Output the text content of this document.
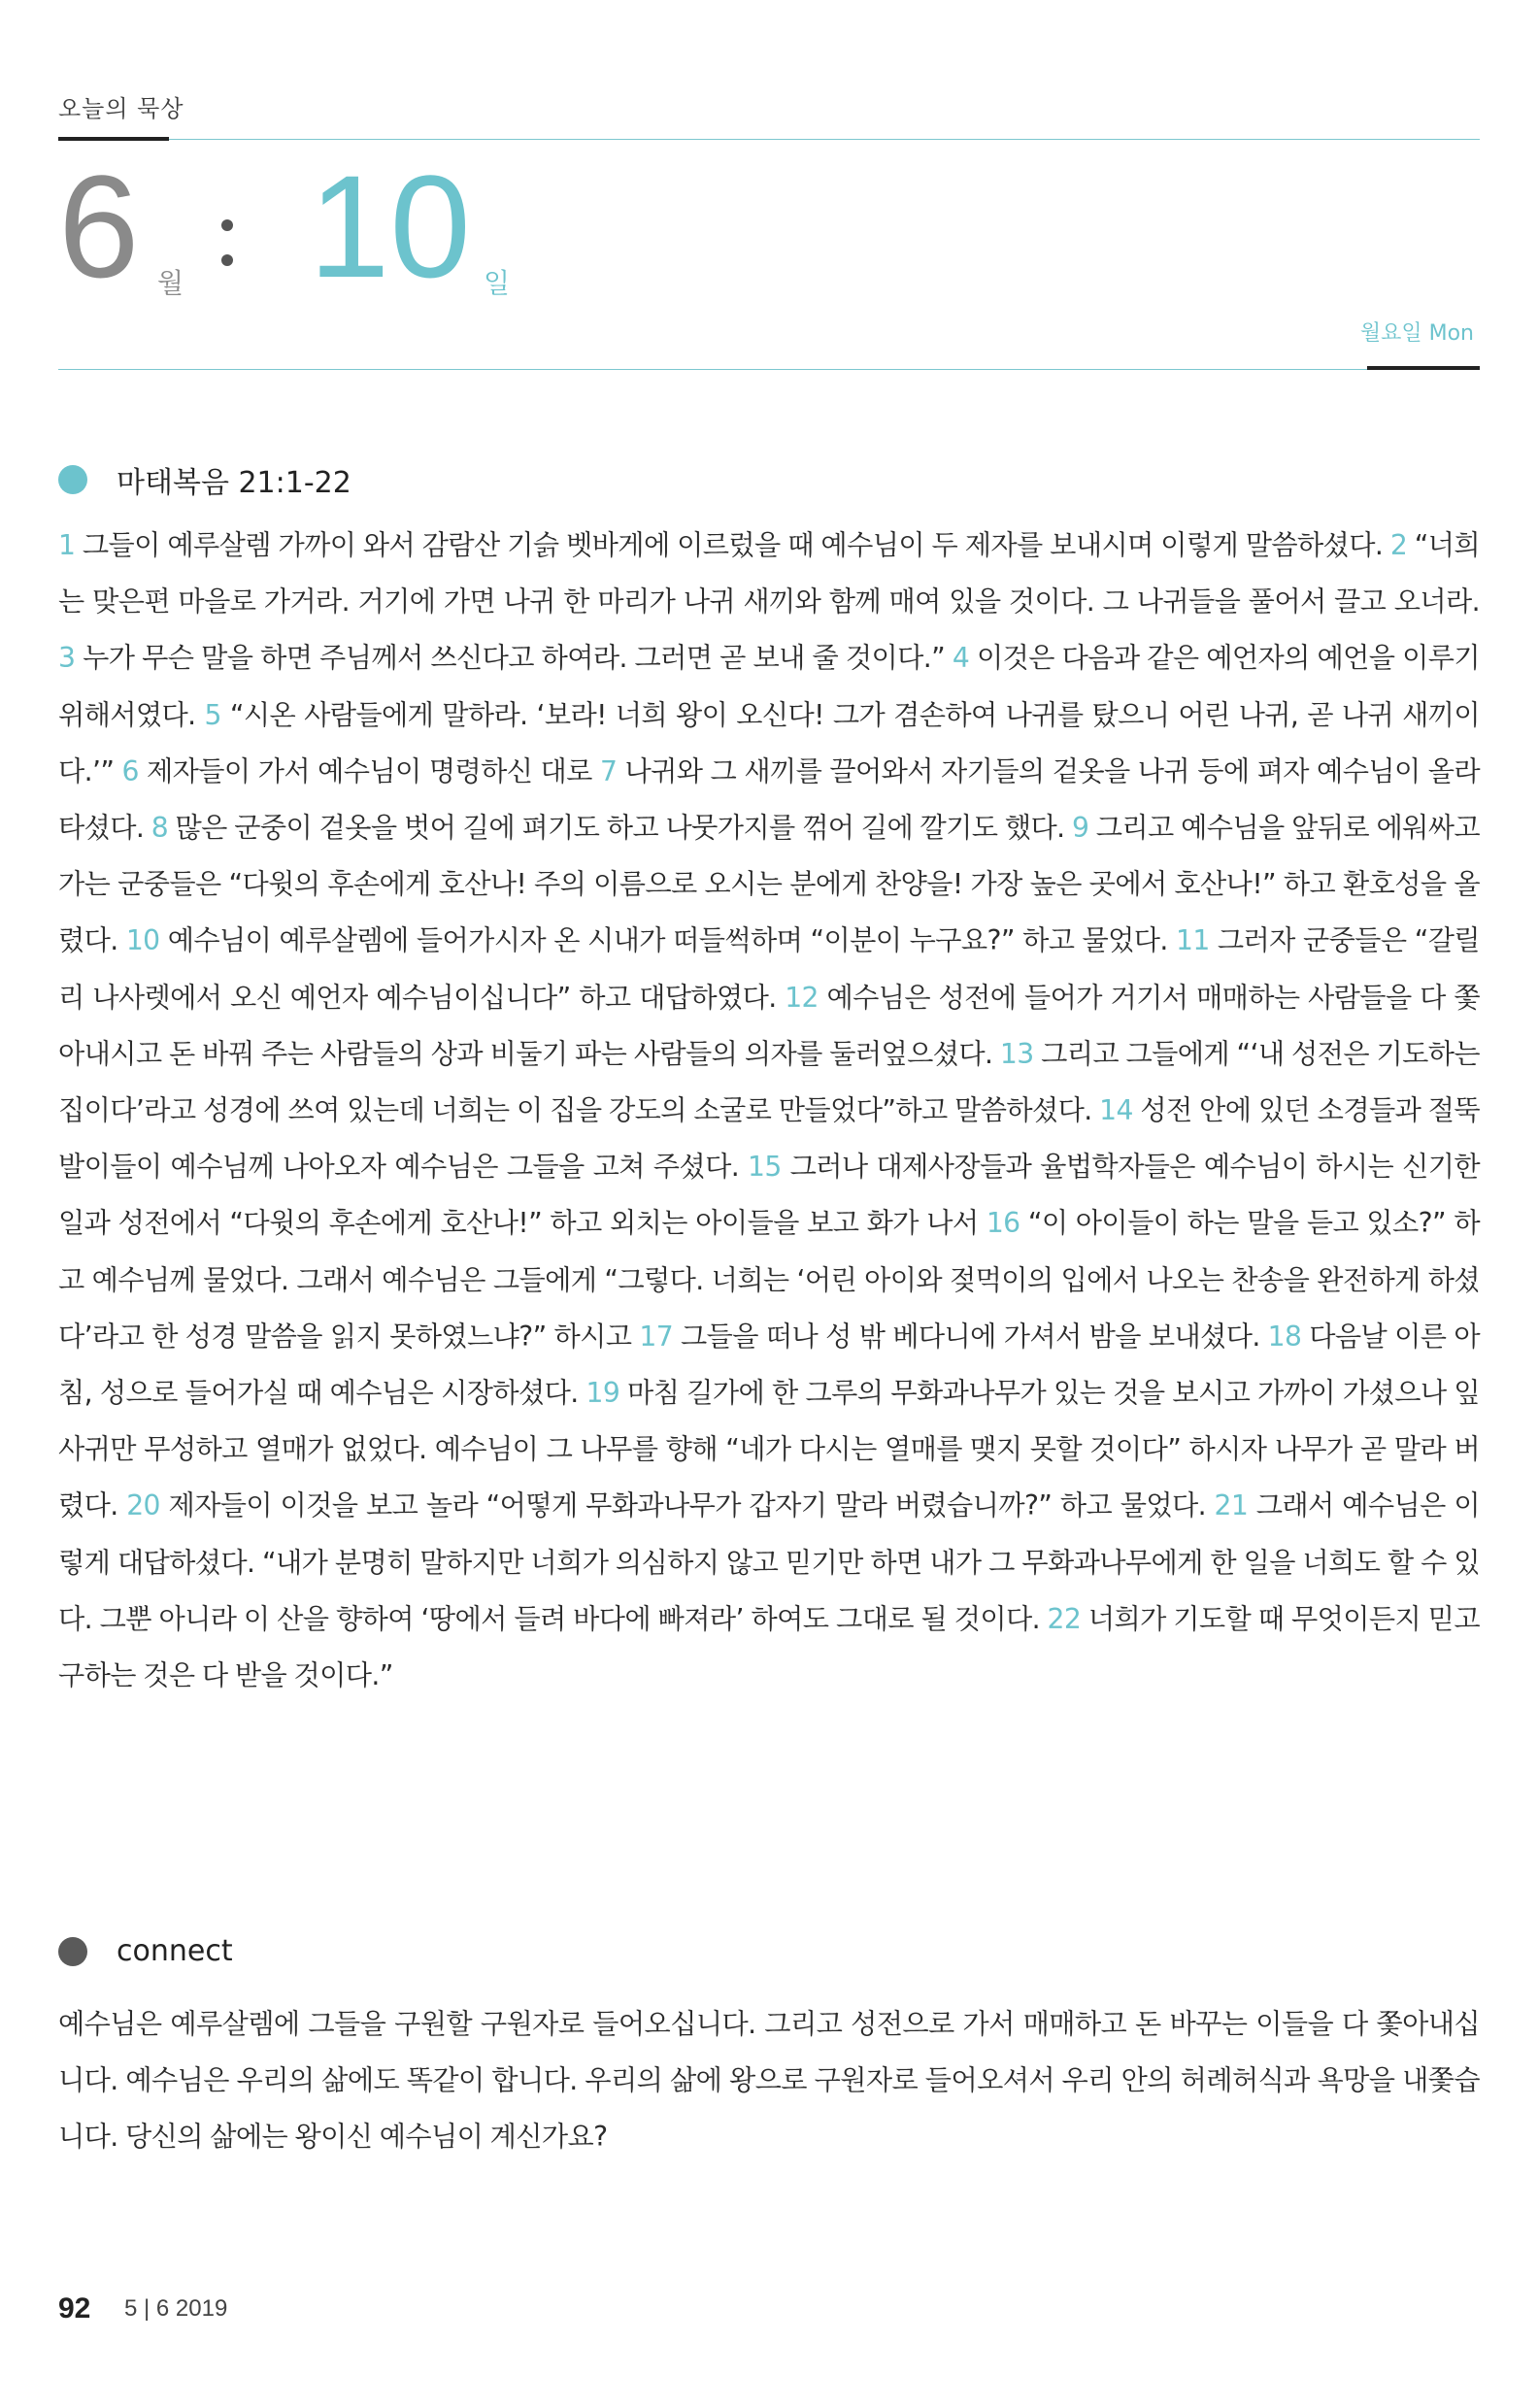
오늘의 묵상
6 월 10 일
월요일 Mon
마태복음 21:1-22
1 그들이 예루살렘 가까이 와서 감람산 기슭 벳바게에 이르렀을 때 예수님이 두 제자를 보내시며 이렇게 말씀하셨다. 2 “너희는 맞은편 마을로 가거라. 거기에 가면 나귀 한 마리가 나귀 새끼와 함께 매여 있을 것이다. 그 나귀들을 풀어서 끌고 오너라. 3 누가 무슨 말을 하면 주님께서 쓰신다고 하여라. 그러면 곧 보내 줄 것이다.” 4 이것은 다음과 같은 예언자의 예언을 이루기 위해서였다. 5 “시온 사람들에게 말하라. ‘보라! 너희 왕이 오신다! 그가 겸손하여 나귀를 탔으니 어린 나귀, 곧 나귀 새끼이다.’” 6 제자들이 가서 예수님이 명령하신 대로 7 나귀와 그 새끼를 끌어와서 자기들의 겉옷을 나귀 등에 펴자 예수님이 올라타셨다. 8 많은 군중이 겉옷을 벗어 길에 펴기도 하고 나뭇가지를 꺾어 길에 깔기도 했다. 9 그리고 예수님을 앞뒤로 에워싸고 가는 군중들은 “다윗의 후손에게 호산나! 주의 이름으로 오시는 분에게 찬양을! 가장 높은 곳에서 호산나!” 하고 환호성을 올렸다. 10 예수님이 예루살렘에 들어가시자 온 시내가 떠들썩하며 “이분이 누구요?” 하고 물었다. 11 그러자 군중들은 “갈릴리 나사렛에서 오신 예언자 예수님이십니다” 하고 대답하였다. 12 예수님은 성전에 들어가 거기서 매매하는 사람들을 다 쫓아내시고 돈 바꿔 주는 사람들의 상과 비둘기 파는 사람들의 의자를 둘러엎으셨다. 13 그리고 그들에게 “‘내 성전은 기도하는 집이다’라고 성경에 쓰여 있는데 너희는 이 집을 강도의 소굴로 만들었다”하고 말씀하셨다. 14 성전 안에 있던 소경들과 절뚝발이들이 예수님께 나아오자 예수님은 그들을 고쳐 주셨다. 15 그러나 대제사장들과 율법학자들은 예수님이 하시는 신기한 일과 성전에서 “다윗의 후손에게 호산나!” 하고 외치는 아이들을 보고 화가 나서 16 “이 아이들이 하는 말을 듣고 있소?” 하고 예수님께 물었다. 그래서 예수님은 그들에게 “그렇다. 너희는 ‘어린 아이와 젖먹이의 입에서 나오는 찬송을 완전하게 하셨다’라고 한 성경 말씀을 읽지 못하였느냐?” 하시고 17 그들을 떠나 성 밖 베다니에 가셔서 밤을 보내셨다. 18 다음날 이른 아침, 성으로 들어가실 때 예수님은 시장하셨다. 19 마침 길가에 한 그루의 무화과나무가 있는 것을 보시고 가까이 가셨으나 잎사귀만 무성하고 열매가 없었다. 예수님이 그 나무를 향해 “네가 다시는 열매를 맺지 못할 것이다” 하시자 나무가 곧 말라 버렸다. 20 제자들이 이것을 보고 놀라 “어떻게 무화과나무가 갑자기 말라 버렸습니까?” 하고 물었다. 21 그래서 예수님은 이렇게 대답하셨다. “내가 분명히 말하지만 너희가 의심하지 않고 믿기만 하면 내가 그 무화과나무에게 한 일을 너희도 할 수 있다. 그뿐 아니라 이 산을 향하여 ‘땅에서 들려 바다에 빠져라’ 하여도 그대로 될 것이다. 22 너희가 기도할 때 무엇이든지 믿고 구하는 것은 다 받을 것이다.”
connect
예수님은 예루살렘에 그들을 구원할 구원자로 들어오십니다. 그리고 성전으로 가서 매매하고 돈 바꾸는 이들을 다 쫓아내십니다. 예수님은 우리의 삶에도 똑같이 합니다. 우리의 삶에 왕으로 구원자로 들어오셔서 우리 안의 허례허식과 욕망을 내쫓습니다. 당신의 삶에는 왕이신 예수님이 계신가요?
92 5 | 6 2019
